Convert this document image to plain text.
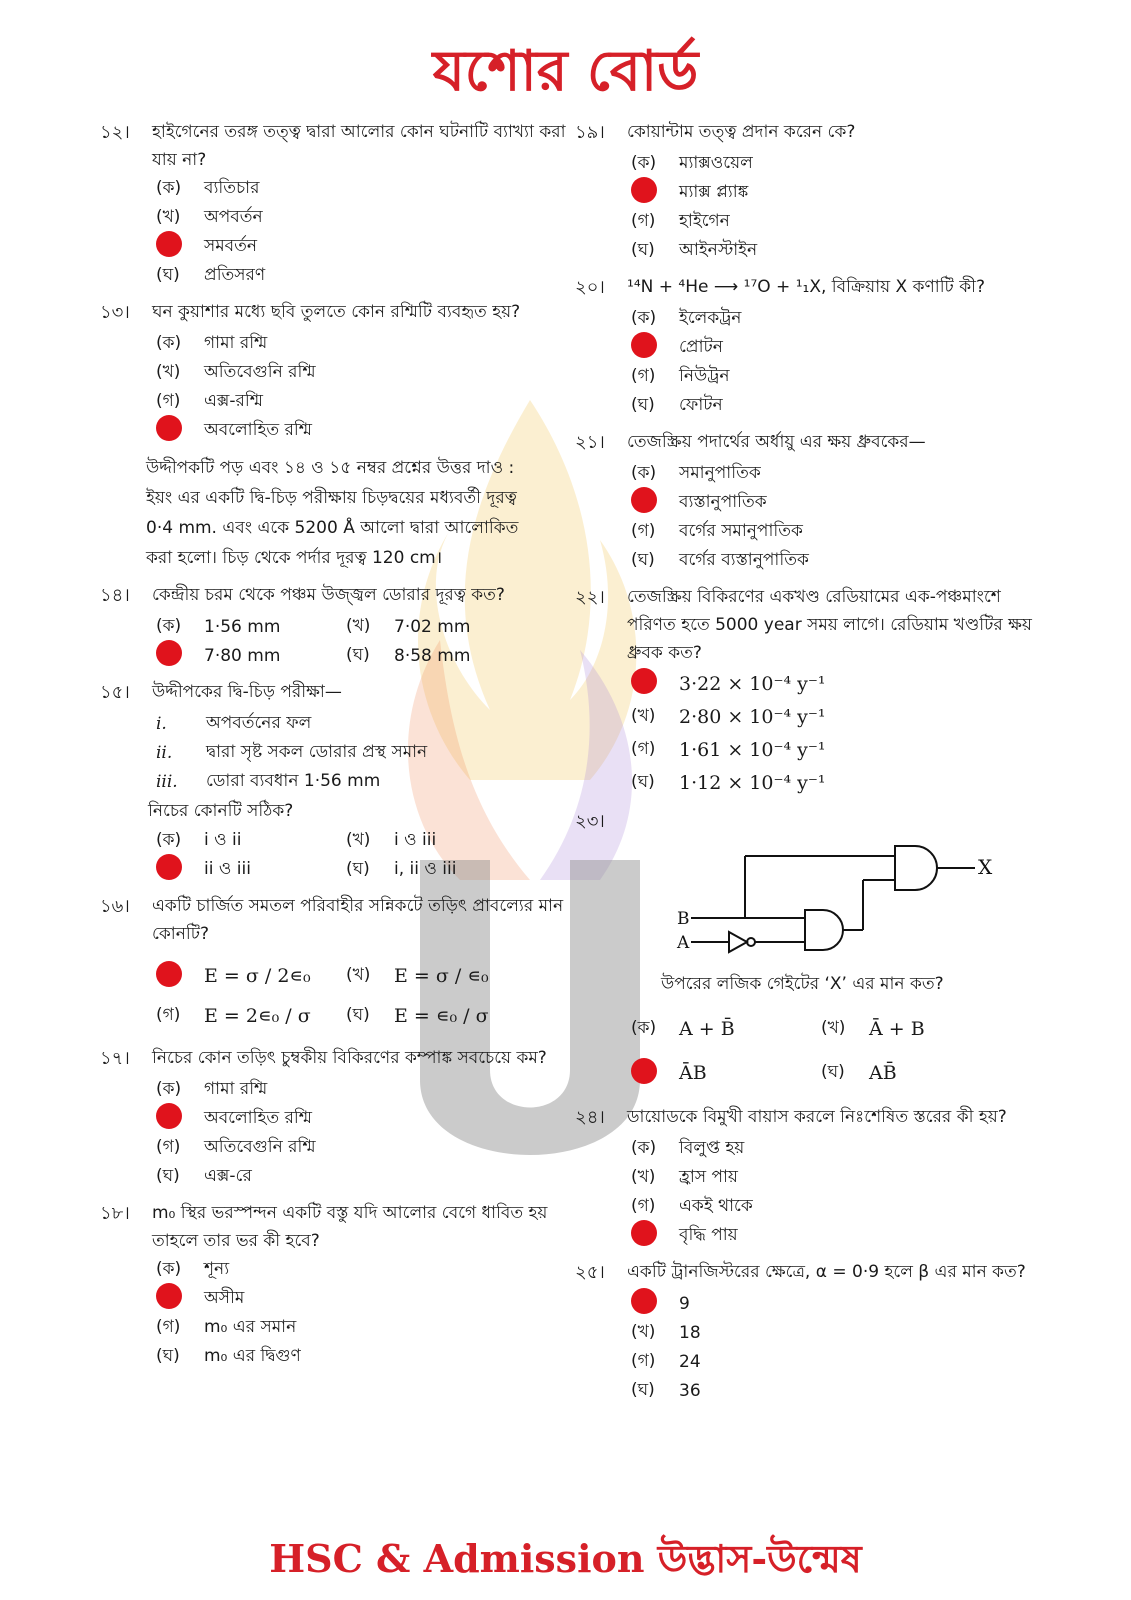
যশোর বোর্ড
১২।	হাইগেনের তরঙ্গ তত্ত্ব দ্বারা আলোর কোন ঘটনাটি ব্যাখ্যা করা যায় না?
(ক)	ব্যতিচার
(খ)	অপবর্তন
সমবর্তন
(ঘ)	প্রতিসরণ
১৩।	ঘন কুয়াশার মধ্যে ছবি তুলতে কোন রশ্মিটি ব্যবহৃত হয়?
(ক)	গামা রশ্মি
(খ)	অতিবেগুনি রশ্মি
(গ)	এক্স-রশ্মি
অবলোহিত রশ্মি
উদ্দীপকটি পড় এবং ১৪ ও ১৫ নম্বর প্রশ্নের উত্তর দাও :
ইয়ং এর একটি দ্বি-চিড় পরীক্ষায় চিড়দ্বয়ের মধ্যবর্তী দূরত্ব
0·4 mm. এবং একে 5200 Å আলো দ্বারা আলোকিত
করা হলো। চিড় থেকে পর্দার দূরত্ব 120 cm।
১৪।	কেন্দ্রীয় চরম থেকে পঞ্চম উজ্জ্বল ডোরার দূরত্ব কত?
(ক)	1·56 mm	(খ)	7·02 mm
7·80 mm	(ঘ)	8·58 mm
১৫।	উদ্দীপকের দ্বি-চিড় পরীক্ষা—
i.	অপবর্তনের ফল
ii.	দ্বারা সৃষ্ট সকল ডোরার প্রস্থ সমান
iii.	ডোরা ব্যবধান 1·56 mm
নিচের কোনটি সঠিক?
(ক)	i ও ii	(খ)	i ও iii
ii ও iii	(ঘ)	i, ii ও iii
১৬।	একটি চার্জিত সমতল পরিবাহীর সন্নিকটে তড়িৎ প্রাবল্যের মান কোনটি?
E = σ / 2∊₀ (খ)	E = σ / ∊₀
(গ)	E = 2∊₀ / σ (ঘ)	E = ∊₀ / σ
১৭।	নিচের কোন তড়িৎ চুম্বকীয় বিকিরণের কম্পাঙ্ক সবচেয়ে কম?
(ক)	গামা রশ্মি
অবলোহিত রশ্মি
(গ)	অতিবেগুনি রশ্মি
(ঘ)	এক্স-রে
১৮।	m₀ স্থির ভরস্পন্দন একটি বস্তু যদি আলোর বেগে ধাবিত হয় তাহলে তার ভর কী হবে?
(ক)	শূন্য
অসীম
(গ)	m₀ এর সমান
(ঘ)	m₀ এর দ্বিগুণ
১৯।	কোয়ান্টাম তত্ত্ব প্রদান করেন কে?
(ক)	ম্যাক্সওয়েল
ম্যাক্স প্ল্যাঙ্ক
(গ)	হাইগেন
(ঘ)	আইনস্টাইন
২০।	¹⁴N + ⁴He ⟶ ¹⁷O + ¹₁X, বিক্রিয়ায় X কণাটি কী?
(ক)	ইলেকট্রন
প্রোটন
(গ)	নিউট্রন
(ঘ)	ফোটন
২১।	তেজস্ক্রিয় পদার্থের অর্ধায়ু এর ক্ষয় ধ্রুবকের—
(ক)	সমানুপাতিক
ব্যস্তানুপাতিক
(গ)	বর্গের সমানুপাতিক
(ঘ)	বর্গের ব্যস্তানুপাতিক
২২।	তেজস্ক্রিয় বিকিরণের একখণ্ড রেডিয়ামের এক-পঞ্চমাংশে পরিণত হতে 5000 year সময় লাগে। রেডিয়াম খণ্ডটির ক্ষয় ধ্রুবক কত?
3·22 × 10⁻⁴ y⁻¹
(খ)	2·80 × 10⁻⁴ y⁻¹
(গ)	1·61 × 10⁻⁴ y⁻¹
(ঘ)	1·12 × 10⁻⁴ y⁻¹
২৩।
X
B
A
উপরের লজিক গেইটের ‘X’ এর মান কত?
(ক)	A + B̄	(খ)	Ā + B
ĀB	(ঘ)	AB̄
২৪।	ডায়োডকে বিমুখী বায়াস করলে নিঃশেষিত স্তরের কী হয়?
(ক)	বিলুপ্ত হয়
(খ)	হ্রাস পায়
(গ)	একই থাকে
বৃদ্ধি পায়
২৫।	একটি ট্রানজিস্টরের ক্ষেত্রে, α = 0·9 হলে β এর মান কত?
9
(খ)	18
(গ)	24
(ঘ)	36
HSC & Admission উদ্ভাস-উন্মেষ
